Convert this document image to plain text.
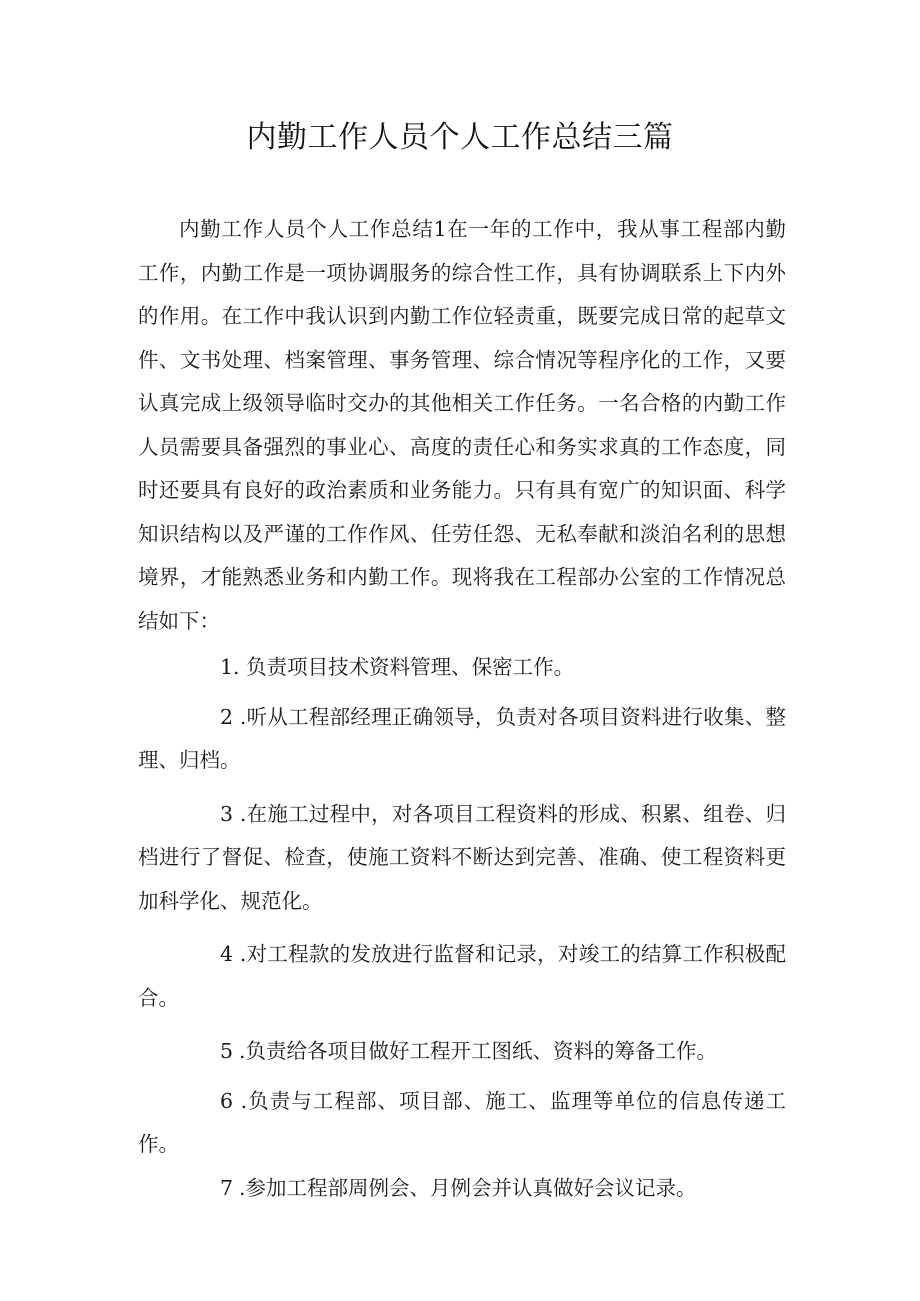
内勤工作人员个人工作总结三篇

内勤工作人员个人工作总结1在一年的工作中，我从事工程部内勤工作，内勤工作是一项协调服务的综合性工作，具有协调联系上下内外的作用。在工作中我认识到内勤工作位轻责重，既要完成日常的起草文件、文书处理、档案管理、事务管理、综合情况等程序化的工作，又要认真完成上级领导临时交办的其他相关工作任务。一名合格的内勤工作人员需要具备强烈的事业心、高度的责任心和务实求真的工作态度，同时还要具有良好的政治素质和业务能力。只有具有宽广的知识面、科学知识结构以及严谨的工作作风、任劳任怨、无私奉献和淡泊名利的思想境界，才能熟悉业务和内勤工作。现将我在工程部办公室的工作情况总结如下：

1. 负责项目技术资料管理、保密工作。

2 .听从工程部经理正确领导，负责对各项目资料进行收集、整理、归档。

3 .在施工过程中，对各项目工程资料的形成、积累、组卷、归档进行了督促、检查，使施工资料不断达到完善、准确、使工程资料更加科学化、规范化。

4 .对工程款的发放进行监督和记录，对竣工的结算工作积极配合。

5 .负责给各项目做好工程开工图纸、资料的筹备工作。

6 .负责与工程部、项目部、施工、监理等单位的信息传递工作。

7 .参加工程部周例会、月例会并认真做好会议记录。
